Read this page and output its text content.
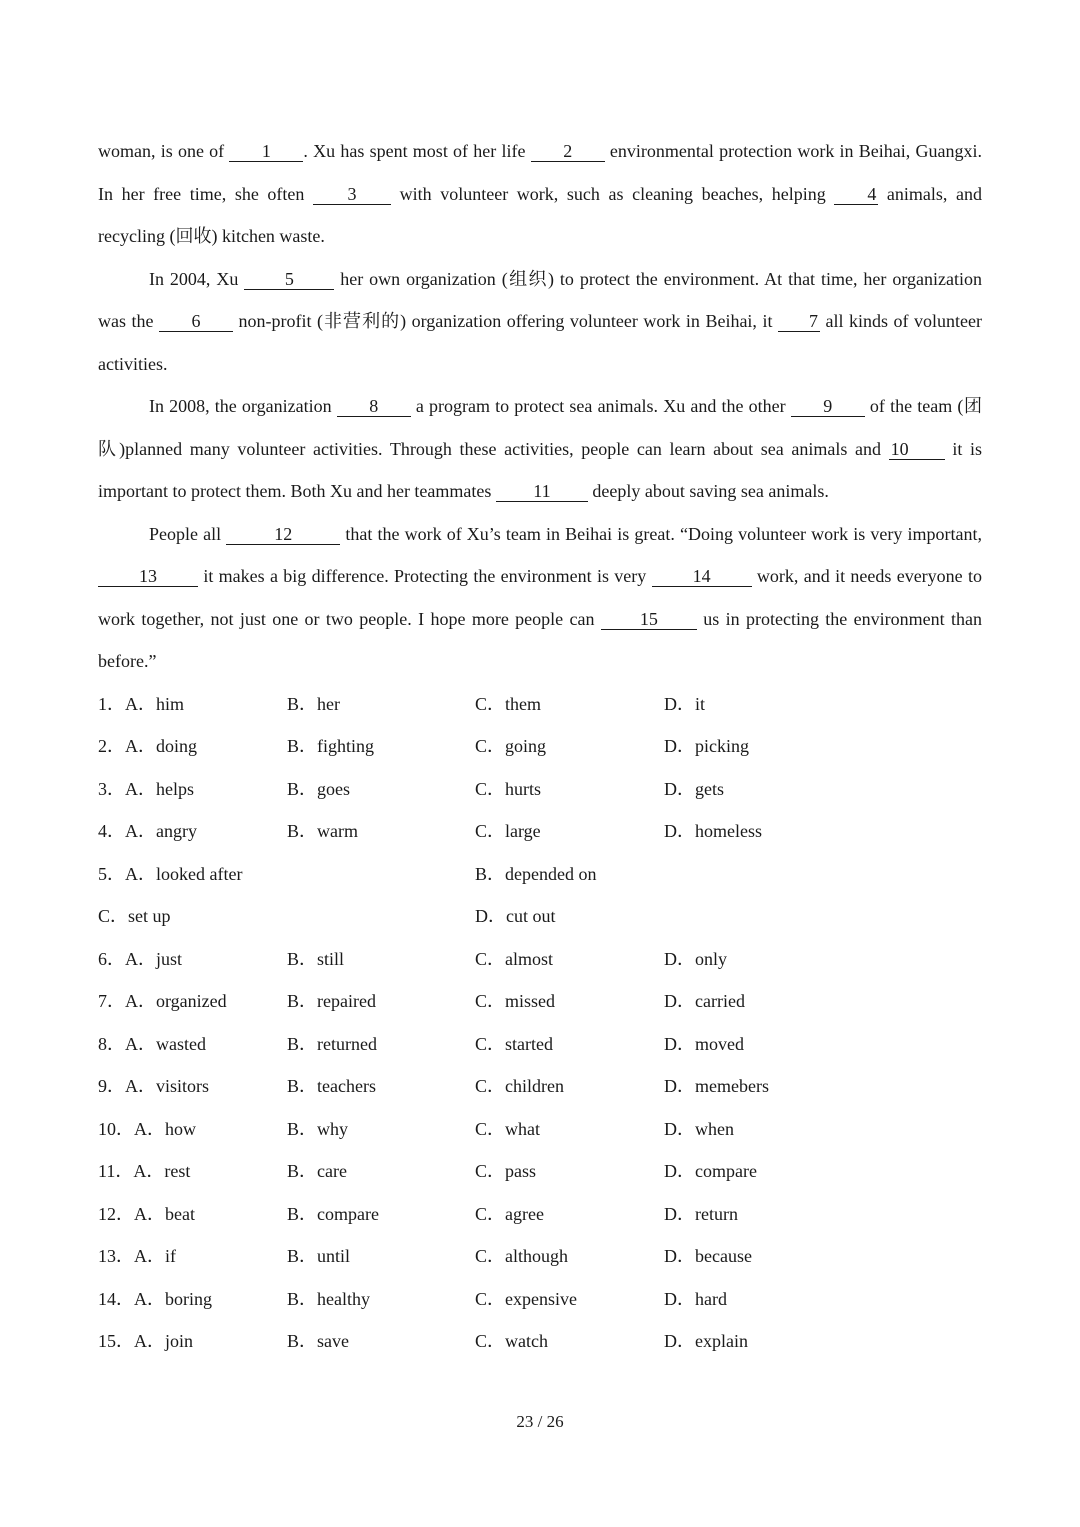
woman, is one of 1 . Xu has spent most of her life 2 environmental protection work in Beihai, Guangxi. In her free time, she often 3 with volunteer work, such as cleaning beaches, helping 4 animals, and recycling (回收) kitchen waste.

In 2004, Xu 5 her own organization (组织) to protect the environment. At that time, her organization was the 6 non-profit (非营利的) organization offering volunteer work in Beihai, it 7 all kinds of volunteer activities.

In 2008, the organization 8 a program to protect sea animals. Xu and the other 9 of the team (团队)planned many volunteer activities. Through these activities, people can learn about sea animals and 10 it is important to protect them. Both Xu and her teammates 11 deeply about saving sea animals.

People all	12	that the work of Xu’s team in Beihai is great. “Doing volunteer work is very important, 13 it makes a big difference. Protecting the environment is very 14 work, and it needs everyone to work together, not just one or two people. I hope more people can 15 us in protecting the environment than before.”

1．A．him	B．her	C．them	D．it
2．A．doing	B．fighting	C．going	D．picking
3．A．helps	B．goes	C．hurts	D．gets
4．A．angry	B．warm	C．large	D．homeless
5．A．looked after	B．depended on
C．set up	D．cut out
6．A．just	B．still	C．almost	D．only
7．A．organized	B．repaired	C．missed	D．carried
8．A．wasted	B．returned	C．started	D．moved
9．A．visitors	B．teachers	C．children	D．memebers
10．A．how	B．why	C．what	D．when
11．A．rest	B．care	C．pass	D．compare
12．A．beat	B．compare	C．agree	D．return
13．A．if	B．until	C．although	D．because
14．A．boring	B．healthy	C．expensive	D．hard
15．A．join	B．save	C．watch	D．explain
23 / 26
